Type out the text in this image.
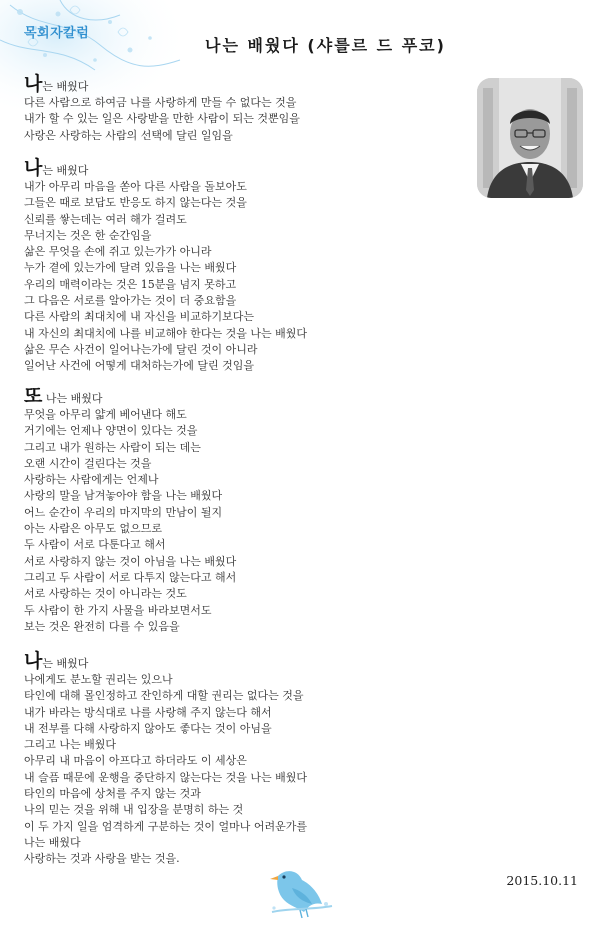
목회자칼럼
나는 배웠다 (샤를르 드 푸코)
나는 배웠다
다른 사람으로 하여금 나를 사랑하게 만들 수 없다는 것을
내가 할 수 있는 일은 사랑받을 만한 사람이 되는 것뿐임을
사랑은 사랑하는 사람의 선택에 달린 일임을
나는 배웠다
내가 아무리 마음을 쏟아 다른 사람을 돌보아도
그들은 때로 보답도 반응도 하지 않는다는 것을
신뢰를 쌓는데는 여러 해가 걸려도
무너지는 것은 한 순간임을
삶은 무엇을 손에 쥐고 있는가가 아니라
누가 곁에 있는가에 달려 있음을 나는 배웠다
우리의 매력이라는 것은 15분을 넘지 못하고
그 다음은 서로를 알아가는 것이 더 중요함을
다른 사람의 최대치에 내 자신을 비교하기보다는
내 자신의 최대치에 나를 비교해야 한다는 것을 나는 배웠다
삶은 무슨 사건이 일어나는가에 달린 것이 아니라
일어난 사건에 어떻게 대처하는가에 달린 것임을
또 나는 배웠다
무엇을 아무리 얇게 베어낸다 해도
거기에는 언제나 양면이 있다는 것을
그리고 내가 원하는 사람이 되는 데는
오랜 시간이 걸린다는 것을
사랑하는 사람에게는 언제나
사랑의 말을 남겨놓아야 함을 나는 배웠다
어느 순간이 우리의 마지막의 만남이 될지
아는 사람은 아무도 없으므로
두 사람이 서로 다툰다고 해서
서로 사랑하지 않는 것이 아님을 나는 배웠다
그리고 두 사람이 서로 다투지 않는다고 해서
서로 사랑하는 것이 아니라는 것도
두 사람이 한 가지 사물을 바라보면서도
보는 것은 완전히 다를 수 있음을
나는 배웠다
나에게도 분노할 권리는 있으나
타인에 대해 몰인정하고 잔인하게 대할 권리는 없다는 것을
내가 바라는 방식대로 나를 사랑해 주지 않는다 해서
내 전부를 다해 사랑하지 않아도 좋다는 것이 아님을
그리고 나는 배웠다
아무리 내 마음이 아프다고 하더라도 이 세상은
내 슬픔 때문에 운행을 중단하지 않는다는 것을 나는 배웠다
타인의 마음에 상처를 주지 않는 것과
나의 믿는 것을 위해 내 입장을 분명히 하는 것
이 두 가지 일을 엄격하게 구분하는 것이 얼마나 어려운가를
나는 배웠다
사랑하는 것과 사랑을 받는 것을.
2015.10.11
